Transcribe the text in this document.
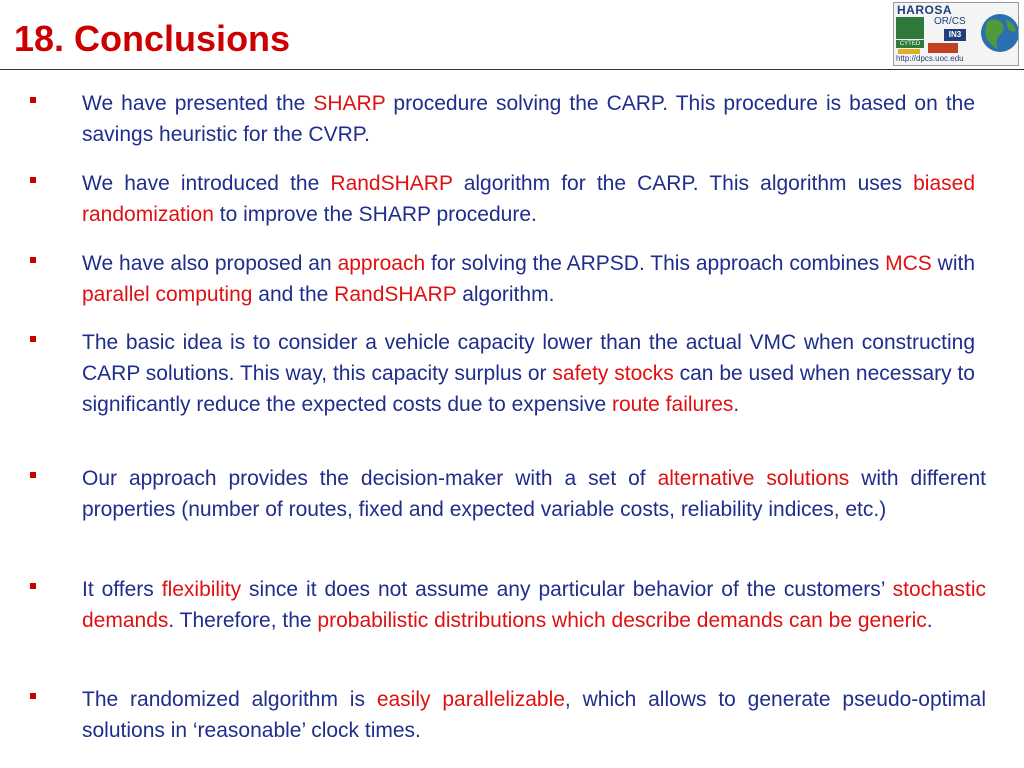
18. Conclusions
HAROSA
OR/CS
CYTED
IN3
http://dpcs.uoc.edu

We have presented the SHARP procedure solving the CARP. This procedure is based on the savings heuristic for the CVRP.

We have introduced the RandSHARP algorithm for the CARP. This algorithm uses biased randomization to improve the SHARP procedure.

We have also proposed an approach for solving the ARPSD. This approach combines MCS with parallel computing and the RandSHARP algorithm.

The basic idea is to consider a vehicle capacity lower than the actual VMC when constructing CARP solutions. This way, this capacity surplus or safety stocks can be used when necessary to significantly reduce the expected costs due to expensive route failures.

Our approach provides the decision-maker with a set of alternative solutions with different properties (number of routes, fixed and expected variable costs, reliability indices, etc.)

It offers flexibility since it does not assume any particular behavior of the customers’ stochastic demands. Therefore, the probabilistic distributions which describe demands can be generic.

The randomized algorithm is easily parallelizable, which allows to generate pseudo-optimal solutions in ‘reasonable’ clock times.
